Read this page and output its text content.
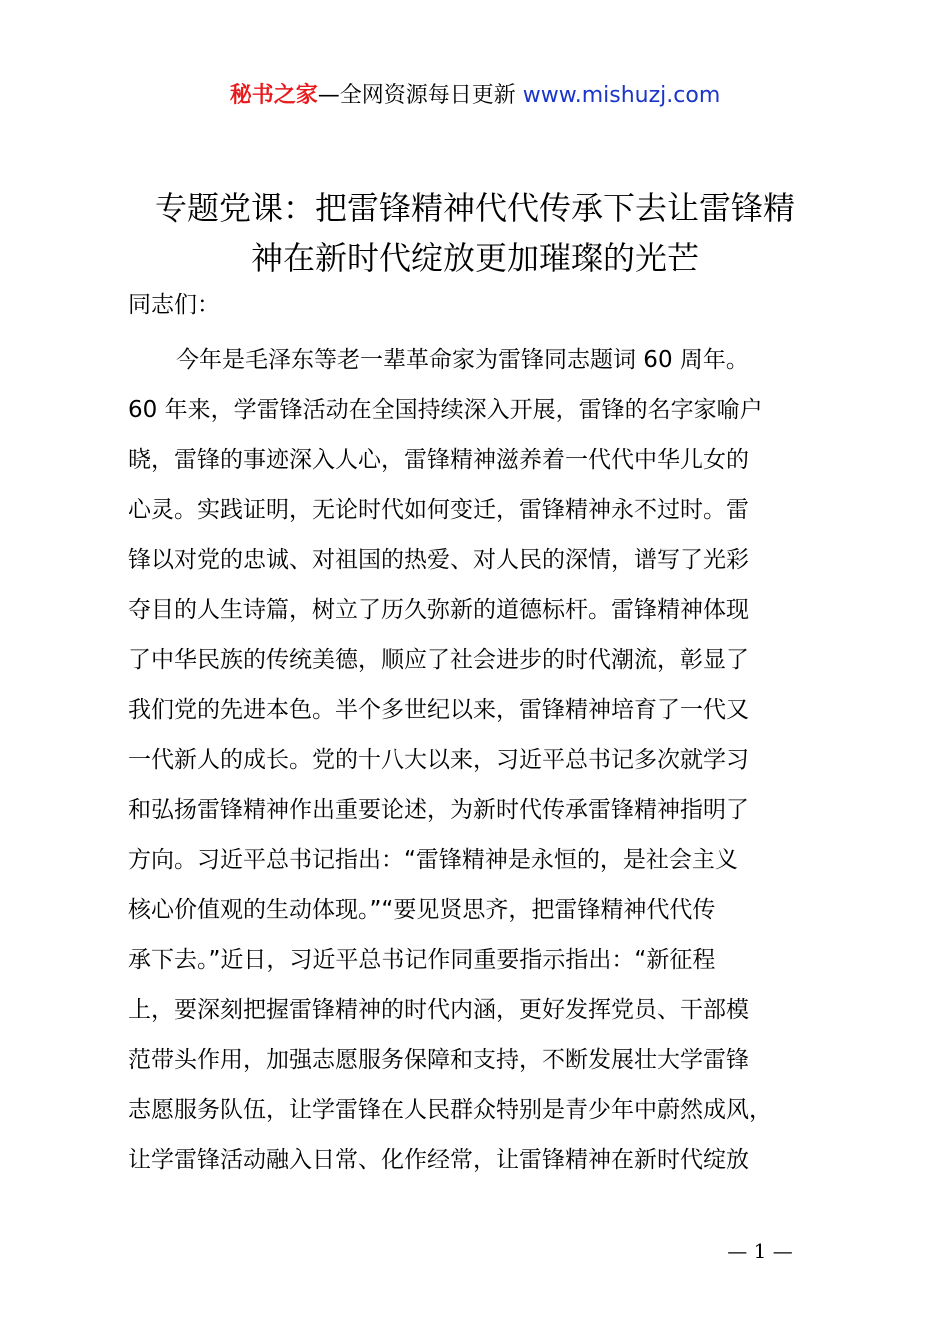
秘书之家—全网资源每日更新 www.mishuzj.com
专题党课：把雷锋精神代代传承下去让雷锋精
神在新时代绽放更加璀璨的光芒
同志们：
今年是毛泽东等老一辈革命家为雷锋同志题词 60 周年。
60 年来，学雷锋活动在全国持续深入开展，雷锋的名字家喻户
晓，雷锋的事迹深入人心，雷锋精神滋养着一代代中华儿女的
心灵。实践证明，无论时代如何变迁，雷锋精神永不过时。雷
锋以对党的忠诚、对祖国的热爱、对人民的深情，谱写了光彩
夺目的人生诗篇，树立了历久弥新的道德标杆。雷锋精神体现
了中华民族的传统美德，顺应了社会进步的时代潮流，彰显了
我们党的先进本色。半个多世纪以来，雷锋精神培育了一代又
一代新人的成长。党的十八大以来，习近平总书记多次就学习
和弘扬雷锋精神作出重要论述，为新时代传承雷锋精神指明了
方向。习近平总书记指出：“雷锋精神是永恒的，是社会主义
核心价值观的生动体现。”“要见贤思齐，把雷锋精神代代传
承下去。”近日，习近平总书记作同重要指示指出：“新征程
上，要深刻把握雷锋精神的时代内涵，更好发挥党员、干部模
范带头作用，加强志愿服务保障和支持，不断发展壮大学雷锋
志愿服务队伍，让学雷锋在人民群众特别是青少年中蔚然成风，
让学雷锋活动融入日常、化作经常，让雷锋精神在新时代绽放
— 1 —
